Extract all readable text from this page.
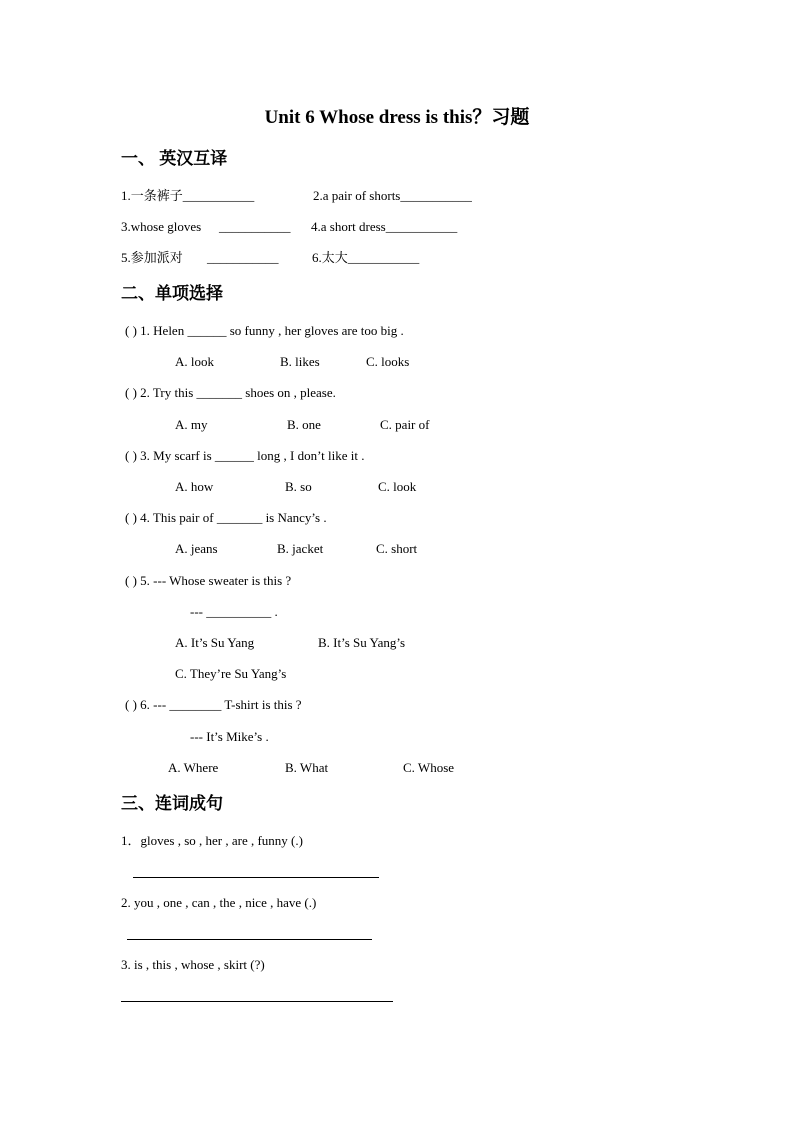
Unit 6 Whose dress is this？习题
一、 英汉互译
1.一条裤子___________	2.a pair of shorts___________
3.whose gloves ___________ 4.a short dress___________
5.参加派对 ___________	6.太大___________
二、单项选择
( ) 1. Helen ______ so funny , her gloves are too big .
A. look	B. likes	C. looks
( ) 2. Try this _______ shoes on , please.
A. my	B. one	C. pair of
( ) 3. My scarf is ______ long , I don’t like it .
A. how	B. so	C. look
( ) 4. This pair of _______ is Nancy’s .
A. jeans	B. jacket	C. short
( ) 5. --- Whose sweater is this ?
--- __________ .
A. It’s Su Yang	B. It’s Su Yang’s
C. They’re Su Yang’s
( ) 6. --- ________ T-shirt is this ?
--- It’s Mike’s .
A. Where	B. What	C. Whose
三、连词成句
1．gloves , so , her , are , funny (.)
2. you , one , can , the , nice , have (.)
3. is , this , whose , skirt (?)
